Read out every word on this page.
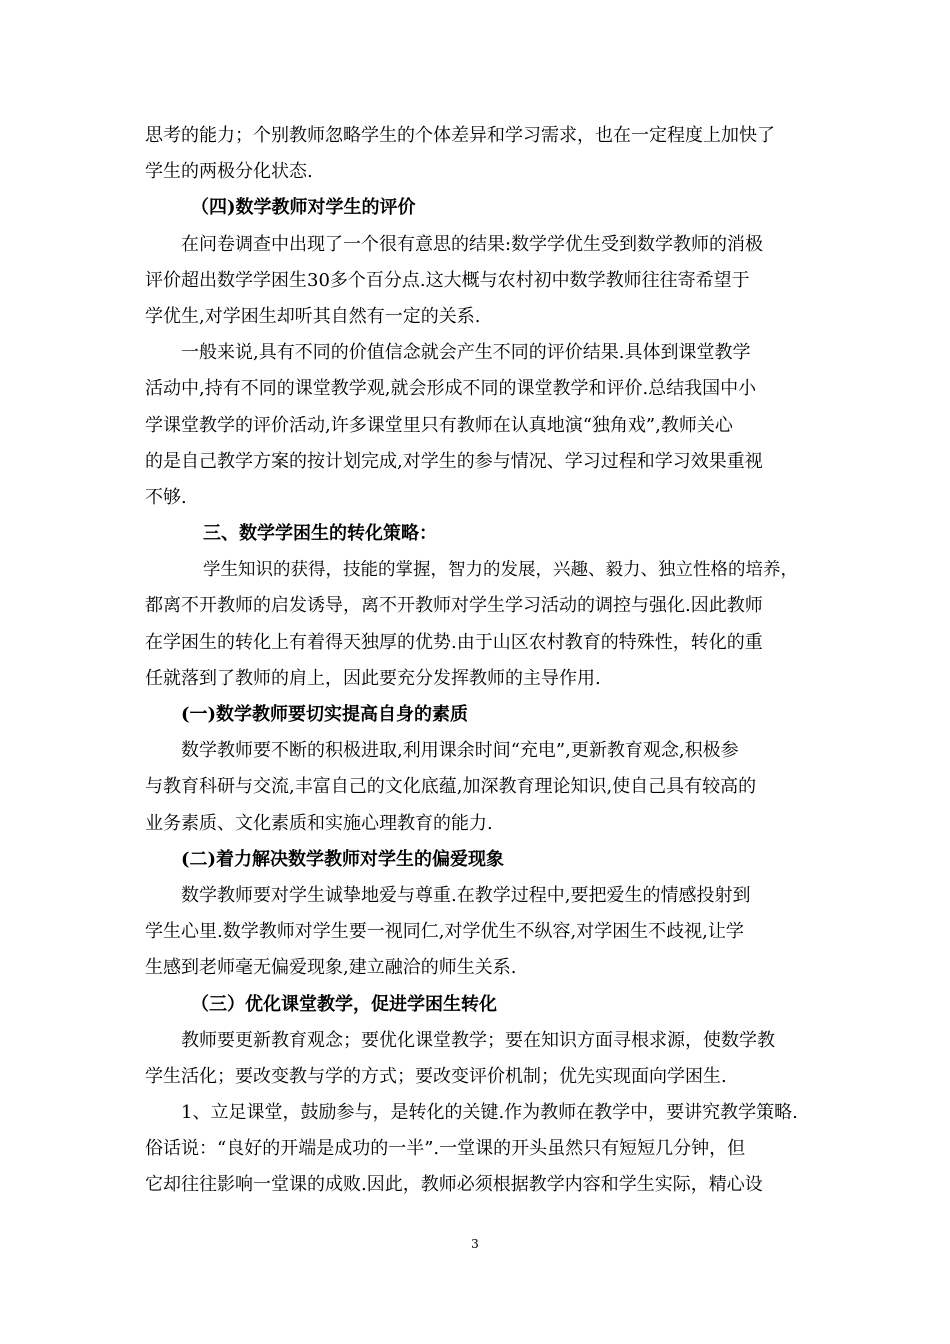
思考的能力；个别教师忽略学生的个体差异和学习需求，也在一定程度上加快了
学生的两极分化状态.
（四)数学教师对学生的评价
在问卷调查中出现了一个很有意思的结果:数学学优生受到数学教师的消极
评价超出数学学困生30多个百分点.这大概与农村初中数学教师往往寄希望于
学优生,对学困生却听其自然有一定的关系.
一般来说,具有不同的价值信念就会产生不同的评价结果.具体到课堂教学
活动中,持有不同的课堂教学观,就会形成不同的课堂教学和评价.总结我国中小
学课堂教学的评价活动,许多课堂里只有教师在认真地演“独角戏”,教师关心
的是自己教学方案的按计划完成,对学生的参与情况、学习过程和学习效果重视
不够.
三、数学学困生的转化策略：
学生知识的获得，技能的掌握，智力的发展，兴趣、毅力、独立性格的培养，
都离不开教师的启发诱导，离不开教师对学生学习活动的调控与强化.因此教师
在学困生的转化上有着得天独厚的优势.由于山区农村教育的特殊性，转化的重
任就落到了教师的肩上，因此要充分发挥教师的主导作用.
(一)数学教师要切实提高自身的素质
数学教师要不断的积极进取,利用课余时间“充电”,更新教育观念,积极参
与教育科研与交流,丰富自己的文化底蕴,加深教育理论知识,使自己具有较高的
业务素质、文化素质和实施心理教育的能力.
(二)着力解决数学教师对学生的偏爱现象
数学教师要对学生诚挚地爱与尊重.在教学过程中,要把爱生的情感投射到
学生心里.数学教师对学生要一视同仁,对学优生不纵容,对学困生不歧视,让学
生感到老师毫无偏爱现象,建立融洽的师生关系.
（三）优化课堂教学，促进学困生转化
教师要更新教育观念；要优化课堂教学；要在知识方面寻根求源，使数学教
学生活化；要改变教与学的方式；要改变评价机制；优先实现面向学困生.
1、立足课堂，鼓励参与，是转化的关键.作为教师在教学中，要讲究教学策略.
俗话说：“良好的开端是成功的一半”.一堂课的开头虽然只有短短几分钟，但
它却往往影响一堂课的成败.因此，教师必须根据教学内容和学生实际，精心设
3
